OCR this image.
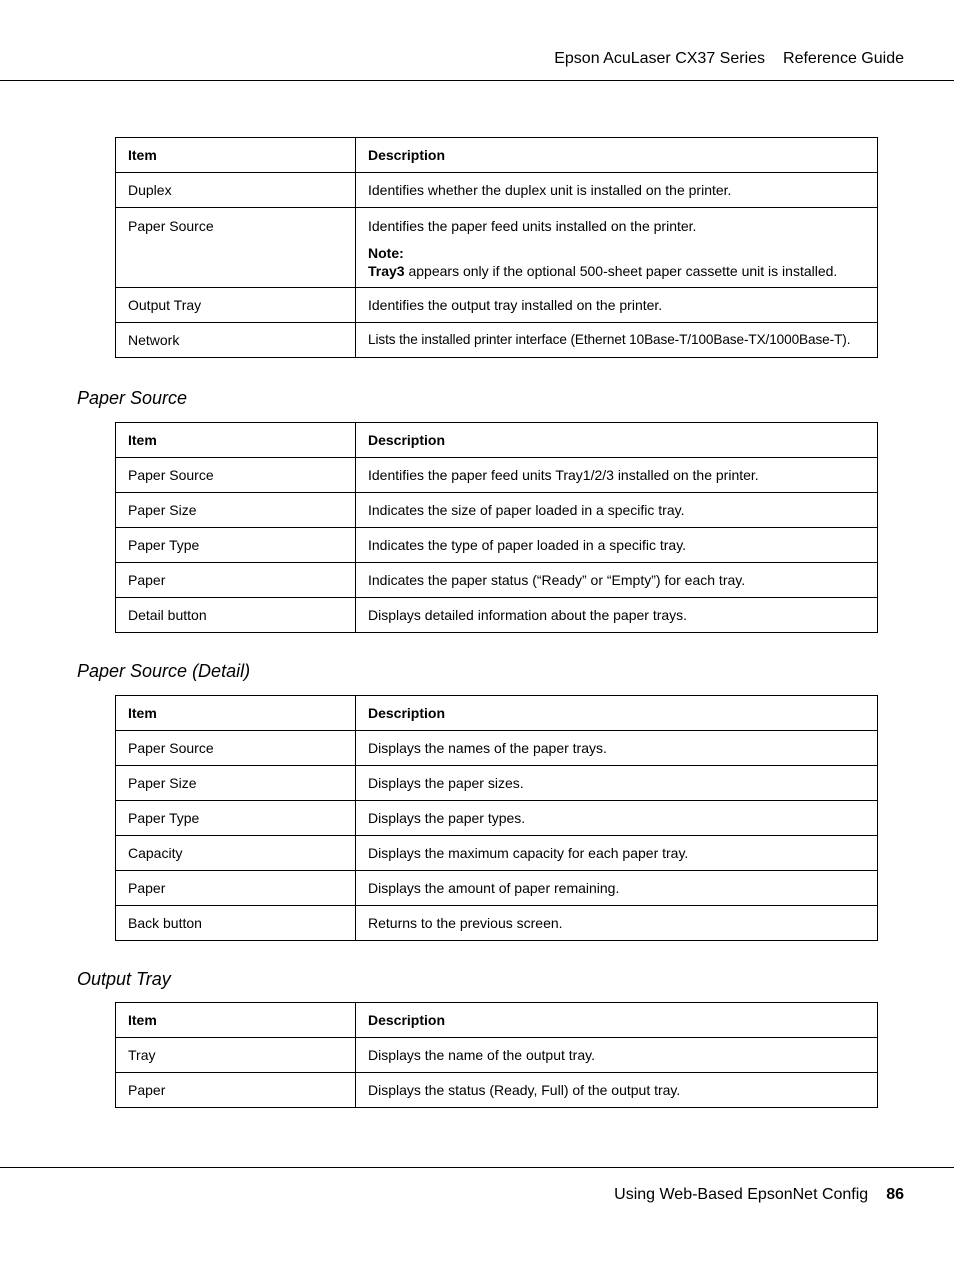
Epson AcuLaser CX37 Series Reference Guide
Item	Description
Duplex	Identifies whether the duplex unit is installed on the printer.
Paper Source	Identifies the paper feed units installed on the printer.
Note:
Tray3 appears only if the optional 500-sheet paper cassette unit is installed.
Output Tray	Identifies the output tray installed on the printer.
Network	Lists the installed printer interface (Ethernet 10Base-T/100Base-TX/1000Base-T).
Paper Source
Item	Description
Paper Source	Identifies the paper feed units Tray1/2/3 installed on the printer.
Paper Size	Indicates the size of paper loaded in a specific tray.
Paper Type	Indicates the type of paper loaded in a specific tray.
Paper	Indicates the paper status (“Ready” or “Empty”) for each tray.
Detail button	Displays detailed information about the paper trays.
Paper Source (Detail)
Item	Description
Paper Source	Displays the names of the paper trays.
Paper Size	Displays the paper sizes.
Paper Type	Displays the paper types.
Capacity	Displays the maximum capacity for each paper tray.
Paper	Displays the amount of paper remaining.
Back button	Returns to the previous screen.
Output Tray
Item	Description
Tray	Displays the name of the output tray.
Paper	Displays the status (Ready, Full) of the output tray.
Using Web-Based EpsonNet Config 86
